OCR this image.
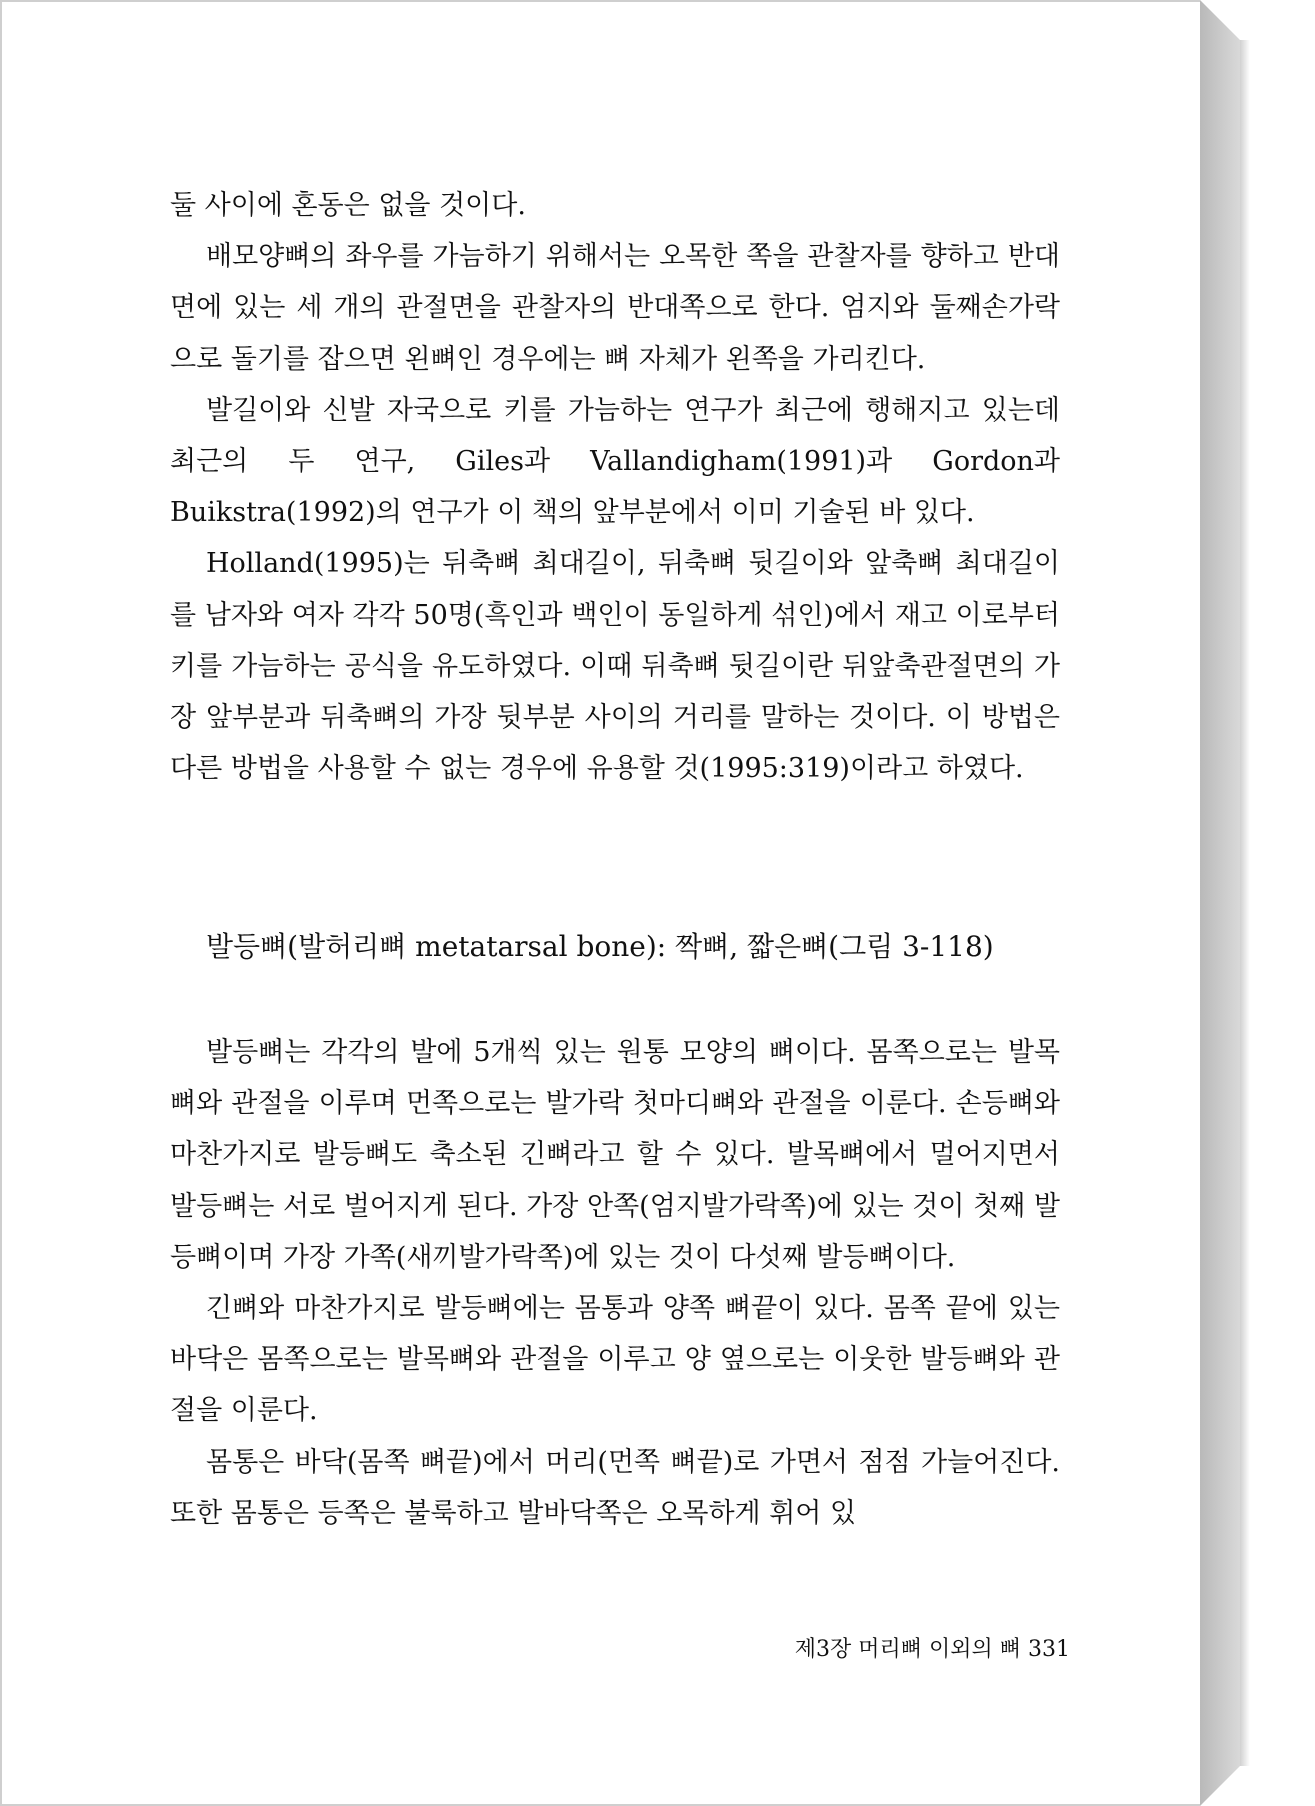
둘 사이에 혼동은 없을 것이다.

배모양뼈의 좌우를 가늠하기 위해서는 오목한 쪽을 관찰자를 향하고 반대면에 있는 세 개의 관절면을 관찰자의 반대쪽으로 한다. 엄지와 둘째손가락으로 돌기를 잡으면 왼뼈인 경우에는 뼈 자체가 왼쪽을 가리킨다.

발길이와 신발 자국으로 키를 가늠하는 연구가 최근에 행해지고 있는데 최근의 두 연구, Giles과 Vallandigham(1991)과 Gordon과 Buikstra(1992)의 연구가 이 책의 앞부분에서 이미 기술된 바 있다.

Holland(1995)는 뒤축뼈 최대길이, 뒤축뼈 뒷길이와 앞축뼈 최대길이를 남자와 여자 각각 50명(흑인과 백인이 동일하게 섞인)에서 재고 이로부터 키를 가늠하는 공식을 유도하였다. 이때 뒤축뼈 뒷길이란 뒤앞축관절면의 가장 앞부분과 뒤축뼈의 가장 뒷부분 사이의 거리를 말하는 것이다. 이 방법은 다른 방법을 사용할 수 없는 경우에 유용할 것(1995:319)이라고 하였다.

발등뼈(발허리뼈 metatarsal bone): 짝뼈, 짧은뼈(그림 3-118)

발등뼈는 각각의 발에 5개씩 있는 원통 모양의 뼈이다. 몸쪽으로는 발목뼈와 관절을 이루며 먼쪽으로는 발가락 첫마디뼈와 관절을 이룬다. 손등뼈와 마찬가지로 발등뼈도 축소된 긴뼈라고 할 수 있다. 발목뼈에서 멀어지면서 발등뼈는 서로 벌어지게 된다. 가장 안쪽(엄지발가락쪽)에 있는 것이 첫째 발등뼈이며 가장 가쪽(새끼발가락쪽)에 있는 것이 다섯째 발등뼈이다.

긴뼈와 마찬가지로 발등뼈에는 몸통과 양쪽 뼈끝이 있다. 몸쪽 끝에 있는 바닥은 몸쪽으로는 발목뼈와 관절을 이루고 양 옆으로는 이웃한 발등뼈와 관절을 이룬다.

몸통은 바닥(몸쪽 뼈끝)에서 머리(먼쪽 뼈끝)로 가면서 점점 가늘어진다. 또한 몸통은 등쪽은 불룩하고 발바닥쪽은 오목하게 휘어 있

제3장 머리뼈 이외의 뼈 331
